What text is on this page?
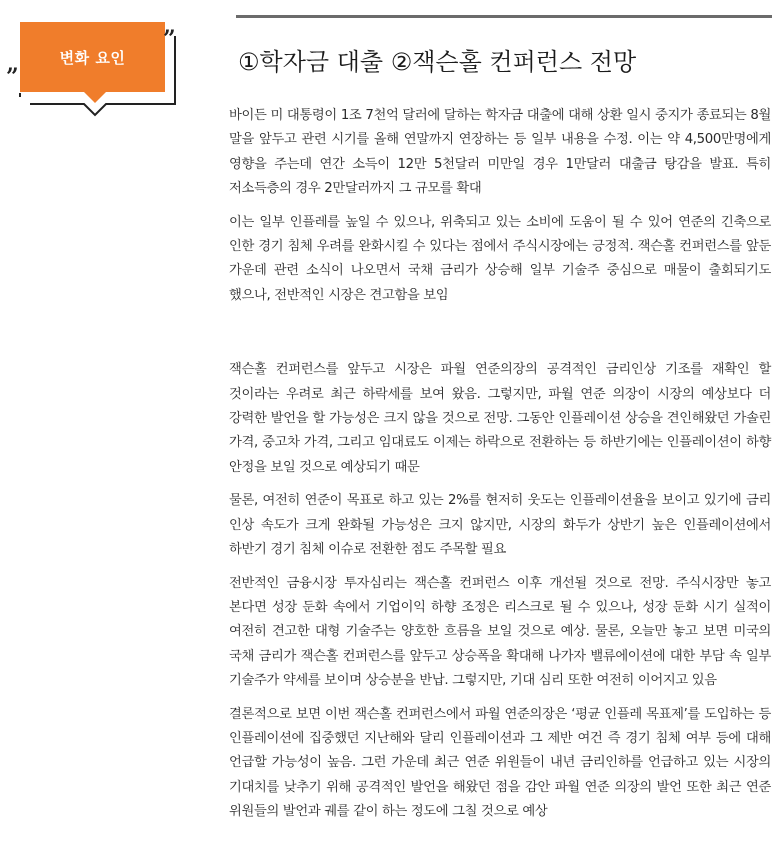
변화 요인
”
”
①학자금 대출 ②잭슨홀 컨퍼런스 전망

바이든 미 대통령이 1조 7천억 달러에 달하는 학자금 대출에 대해 상환 일시 중지가 종료되는 8월 말을 앞두고 관련 시기를 올해 연말까지 연장하는 등 일부 내용을 수정. 이는 약 4,500만명에게 영향을 주는데 연간 소득이 12만 5천달러 미만일 경우 1만달러 대출금 탕감을 발표. 특히 저소득층의 경우 2만달러까지 그 규모를 확대

이는 일부 인플레를 높일 수 있으나, 위축되고 있는 소비에 도움이 될 수 있어 연준의 긴축으로 인한 경기 침체 우려를 완화시킬 수 있다는 점에서 주식시장에는 긍정적. 잭슨홀 컨퍼런스를 앞둔 가운데 관련 소식이 나오면서 국채 금리가 상승해 일부 기술주 중심으로 매물이 출회되기도 했으나, 전반적인 시장은 견고함을 보임

잭슨홀 컨퍼런스를 앞두고 시장은 파월 연준의장의 공격적인 금리인상 기조를 재확인 할 것이라는 우려로 최근 하락세를 보여 왔음. 그렇지만, 파월 연준 의장이 시장의 예상보다 더 강력한 발언을 할 가능성은 크지 않을 것으로 전망. 그동안 인플레이션 상승을 견인해왔던 가솔린 가격, 중고차 가격, 그리고 임대료도 이제는 하락으로 전환하는 등 하반기에는 인플레이션이 하향 안정을 보일 것으로 예상되기 때문

물론, 여전히 연준이 목표로 하고 있는 2%를 현저히 웃도는 인플레이션율을 보이고 있기에 금리 인상 속도가 크게 완화될 가능성은 크지 않지만, 시장의 화두가 상반기 높은 인플레이션에서 하반기 경기 침체 이슈로 전환한 점도 주목할 필요

전반적인 금융시장 투자심리는 잭슨홀 컨퍼런스 이후 개선될 것으로 전망. 주식시장만 놓고 본다면 성장 둔화 속에서 기업이익 하향 조정은 리스크로 될 수 있으나, 성장 둔화 시기 실적이 여전히 견고한 대형 기술주는 양호한 흐름을 보일 것으로 예상. 물론, 오늘만 놓고 보면 미국의 국채 금리가 잭슨홀 컨퍼런스를 앞두고 상승폭을 확대해 나가자 밸류에이션에 대한 부담 속 일부 기술주가 약세를 보이며 상승분을 반납. 그렇지만, 기대 심리 또한 여전히 이어지고 있음

결론적으로 보면 이번 잭슨홀 컨퍼런스에서 파월 연준의장은 ‘평균 인플레 목표제’를 도입하는 등 인플레이션에 집중했던 지난해와 달리 인플레이션과 그 제반 여건 즉 경기 침체 여부 등에 대해 언급할 가능성이 높음. 그런 가운데 최근 연준 위원들이 내년 금리인하를 언급하고 있는 시장의 기대치를 낮추기 위해 공격적인 발언을 해왔던 점을 감안 파월 연준 의장의 발언 또한 최근 연준 위원들의 발언과 궤를 같이 하는 정도에 그칠 것으로 예상
